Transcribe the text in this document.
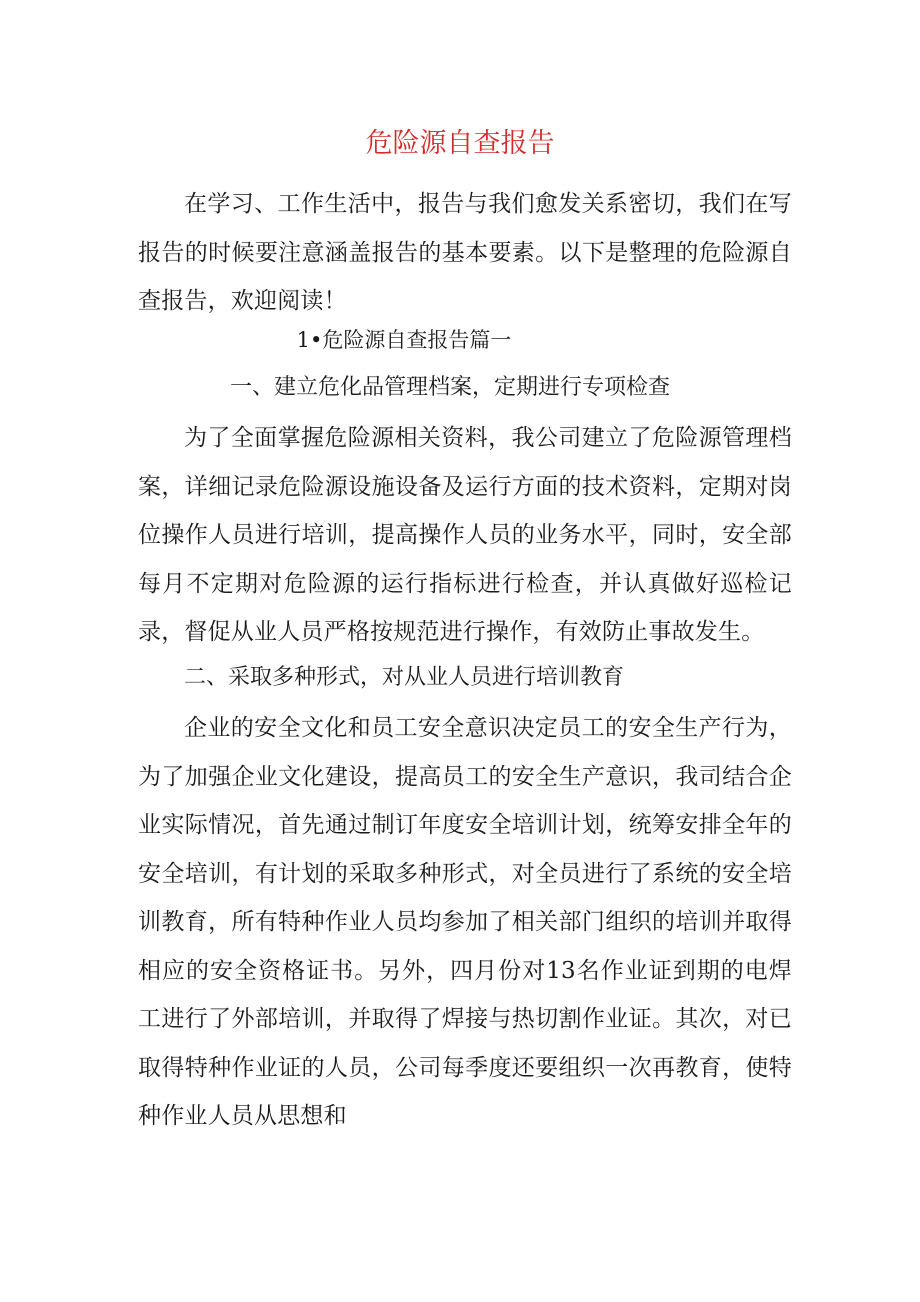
危险源自查报告

在学习、工作生活中，报告与我们愈发关系密切，我们在写报告的时候要注意涵盖报告的基本要素。以下是整理的危险源自查报告，欢迎阅读！

1•危险源自查报告篇一
一、建立危化品管理档案，定期进行专项检查

为了全面掌握危险源相关资料，我公司建立了危险源管理档案，详细记录危险源设施设备及运行方面的技术资料，定期对岗位操作人员进行培训，提高操作人员的业务水平，同时，安全部每月不定期对危险源的运行指标进行检查，并认真做好巡检记录，督促从业人员严格按规范进行操作，有效防止事故发生。

二、采取多种形式，对从业人员进行培训教育

企业的安全文化和员工安全意识决定员工的安全生产行为，为了加强企业文化建设，提高员工的安全生产意识，我司结合企业实际情况，首先通过制订年度安全培训计划，统筹安排全年的安全培训，有计划的采取多种形式，对全员进行了系统的安全培训教育，所有特种作业人员均参加了相关部门组织的培训并取得相应的安全资格证书。另外，四月份对13名作业证到期的电焊工进行了外部培训，并取得了焊接与热切割作业证。其次，对已取得特种作业证的人员，公司每季度还要组织一次再教育，使特种作业人员从思想和
